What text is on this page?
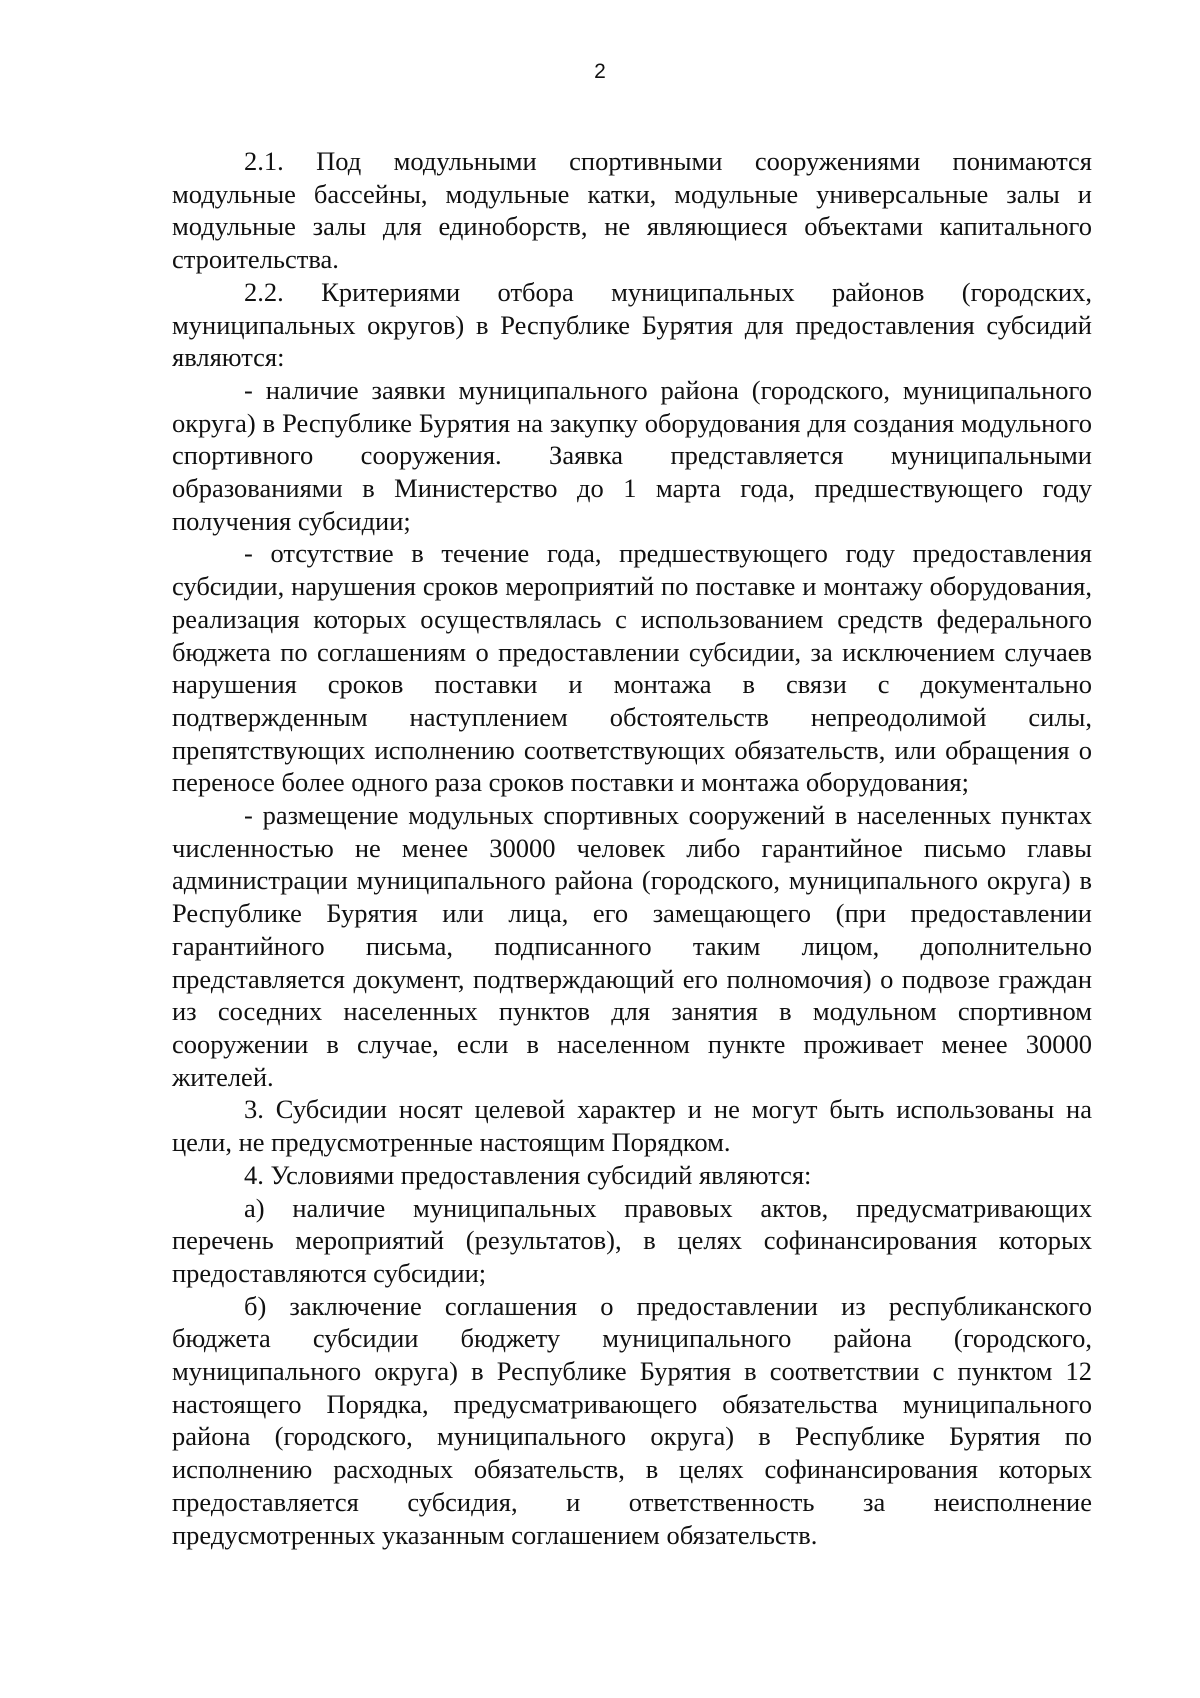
2

2.1. Под модульными спортивными сооружениями понимаются модульные бассейны, модульные катки, модульные универсальные залы и модульные залы для единоборств, не являющиеся объектами капитального строительства.

2.2. Критериями отбора муниципальных районов (городских, муниципальных округов) в Республике Бурятия для предоставления субсидий являются:

- наличие заявки муниципального района (городского, муниципального округа) в Республике Бурятия на закупку оборудования для создания модульного спортивного сооружения. Заявка представляется муниципальными образованиями в Министерство до 1 марта года, предшествующего году получения субсидии;

- отсутствие в течение года, предшествующего году предоставления субсидии, нарушения сроков мероприятий по поставке и монтажу оборудования, реализация которых осуществлялась с использованием средств федерального бюджета по соглашениям о предоставлении субсидии, за исключением случаев нарушения сроков поставки и монтажа в связи с документально подтвержденным наступлением обстоятельств непреодолимой силы, препятствующих исполнению соответствующих обязательств, или обращения о переносе более одного раза сроков поставки и монтажа оборудования;

- размещение модульных спортивных сооружений в населенных пунктах численностью не менее 30000 человек либо гарантийное письмо главы администрации муниципального района (городского, муниципального округа) в Республике Бурятия или лица, его замещающего (при предоставлении гарантийного письма, подписанного таким лицом, дополнительно представляется документ, подтверждающий его полномочия) о подвозе граждан из соседних населенных пунктов для занятия в модульном спортивном сооружении в случае, если в населенном пункте проживает менее 30000 жителей.

3. Субсидии носят целевой характер и не могут быть использованы на цели, не предусмотренные настоящим Порядком.

4. Условиями предоставления субсидий являются:

а) наличие муниципальных правовых актов, предусматривающих перечень мероприятий (результатов), в целях софинансирования которых предоставляются субсидии;

б) заключение соглашения о предоставлении из республиканского бюджета субсидии бюджету муниципального района (городского, муниципального округа) в Республике Бурятия в соответствии с пунктом 12 настоящего Порядка, предусматривающего обязательства муниципального района (городского, муниципального округа) в Республике Бурятия по исполнению расходных обязательств, в целях софинансирования которых предоставляется субсидия, и ответственность за неисполнение предусмотренных указанным соглашением обязательств.
